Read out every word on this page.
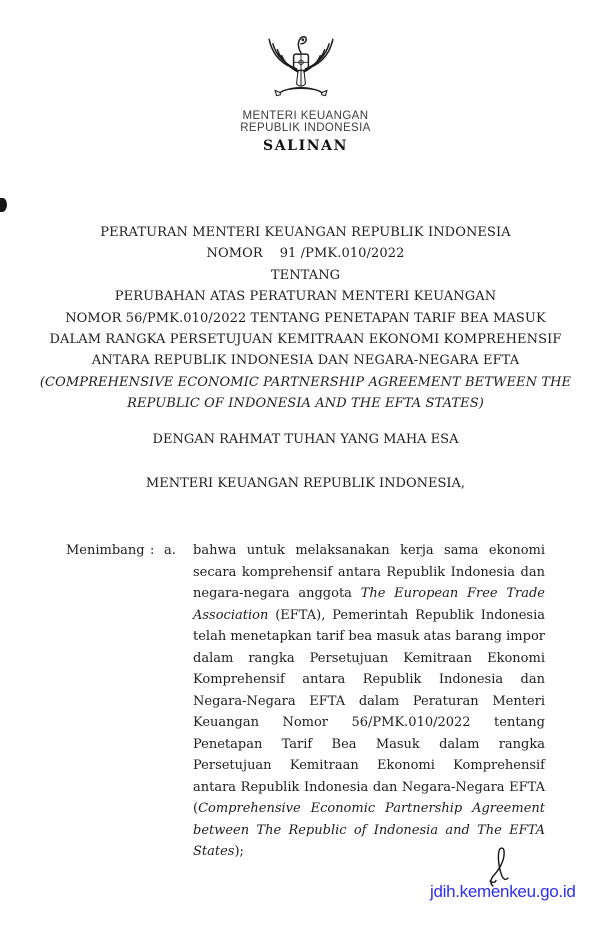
MENTERI KEUANGAN
REPUBLIK INDONESIA
SALINAN
PERATURAN MENTERI KEUANGAN REPUBLIK INDONESIA
NOMOR    91 /PMK.010/2022
TENTANG
PERUBAHAN ATAS PERATURAN MENTERI KEUANGAN
NOMOR 56/PMK.010/2022 TENTANG PENETAPAN TARIF BEA MASUK
DALAM RANGKA PERSETUJUAN KEMITRAAN EKONOMI KOMPREHENSIF
ANTARA REPUBLIK INDONESIA DAN NEGARA-NEGARA EFTA
(COMPREHENSIVE ECONOMIC PARTNERSHIP AGREEMENT BETWEEN THE
REPUBLIC OF INDONESIA AND THE EFTA STATES)
DENGAN RAHMAT TUHAN YANG MAHA ESA
MENTERI KEUANGAN REPUBLIK INDONESIA,
Menimbang : a.	bahwa untuk melaksanakan kerja sama ekonomi secara komprehensif antara Republik Indonesia dan negara-negara anggota The European Free Trade Association (EFTA), Pemerintah Republik Indonesia telah menetapkan tarif bea masuk atas barang impor dalam rangka Persetujuan Kemitraan Ekonomi Komprehensif antara Republik Indonesia dan Negara-Negara EFTA dalam Peraturan Menteri Keuangan Nomor 56/PMK.010/2022 tentang Penetapan Tarif Bea Masuk dalam rangka Persetujuan Kemitraan Ekonomi Komprehensif antara Republik Indonesia dan Negara-Negara EFTA (Comprehensive Economic Partnership Agreement between The Republic of Indonesia and The EFTA States);
jdih.kemenkeu.go.id
